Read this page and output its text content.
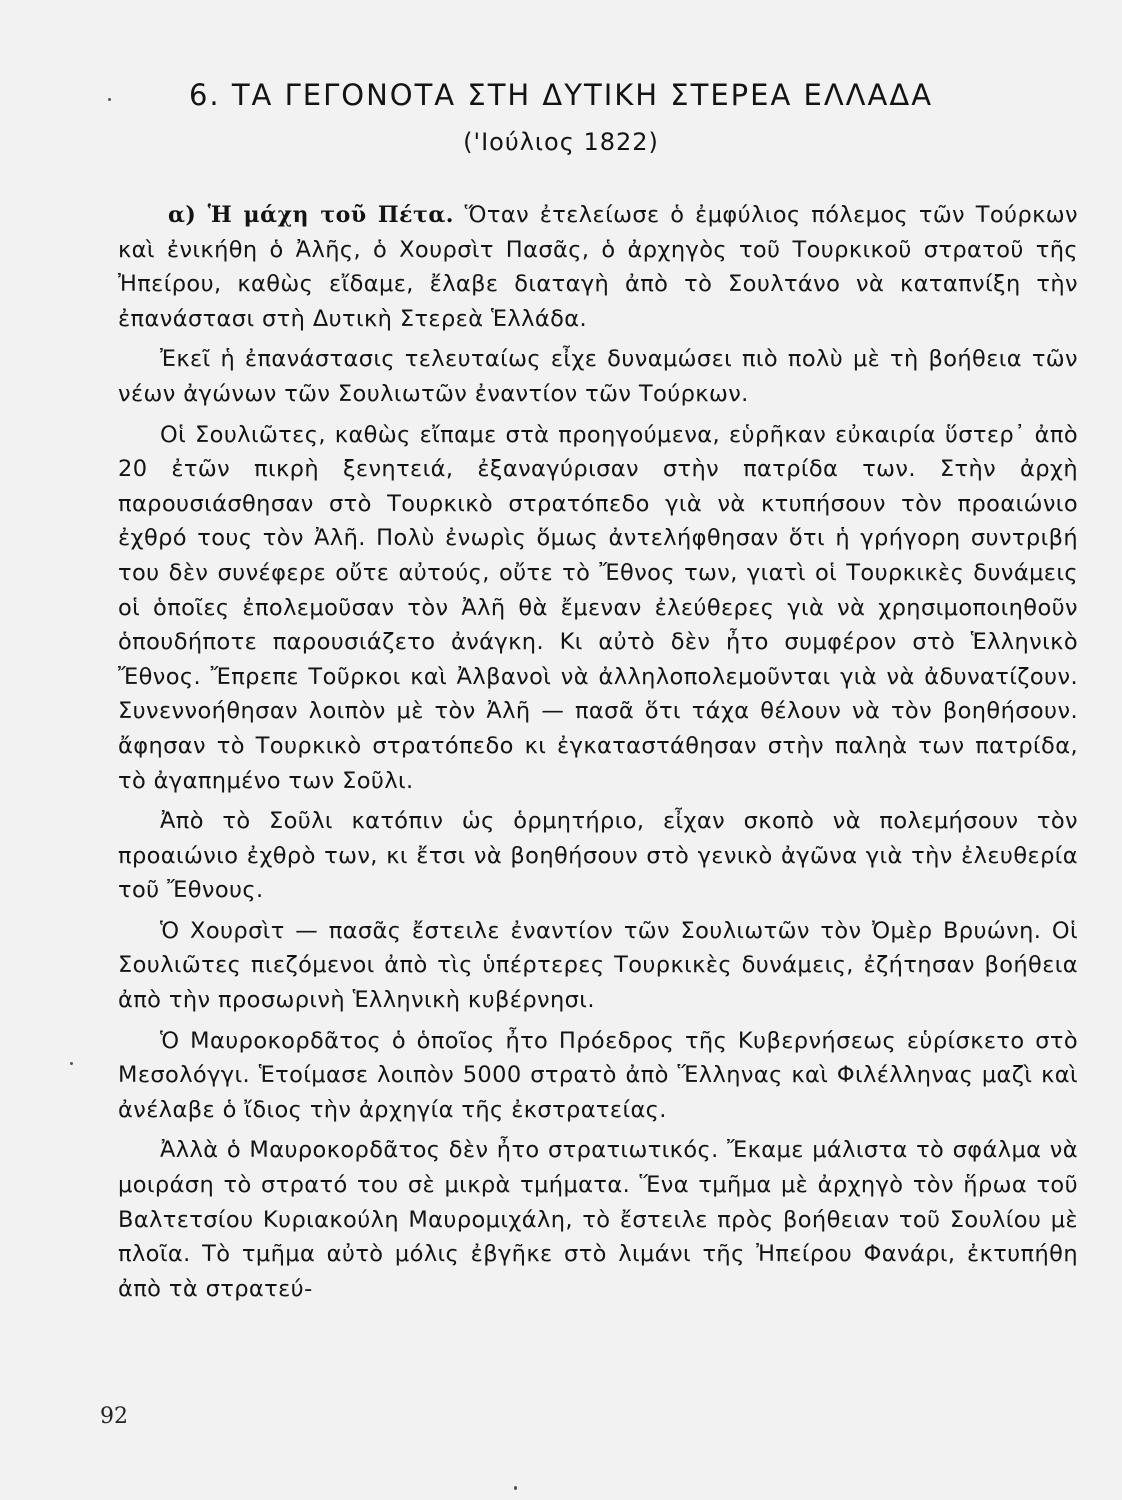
6. ΤΑ ΓΕΓΟΝΟΤΑ ΣΤΗ ΔΥΤΙΚΗ ΣΤΕΡΕΑ ΕΛΛΑΔΑ
('Ιούλιος 1822)

α) Ἡ μάχη τοῦ Πέτα. Ὅταν ἐτελείωσε ὁ ἐμφύλιος πόλεμος τῶν Τούρκων καὶ ἐνικήθη ὁ Ἀλῆς, ὁ Χουρσὶτ Πασᾶς, ὁ ἀρχηγὸς τοῦ Τουρκικοῦ στρατοῦ τῆς Ἠπείρου, καθὼς εἴδαμε, ἔλαβε διαταγὴ ἀπὸ τὸ Σουλτάνο νὰ καταπνίξη τὴν ἐπανάστασι στὴ Δυτικὴ Στερεὰ Ἑλλάδα.

Ἐκεῖ ἡ ἐπανάστασις τελευταίως εἶχε δυναμώσει πιὸ πολὺ μὲ τὴ βοήθεια τῶν νέων ἀγώνων τῶν Σουλιωτῶν ἐναντίον τῶν Τούρκων.

Οἱ Σουλιῶτες, καθὼς εἴπαμε στὰ προηγούμενα, εὑρῆκαν εὐκαιρία ὕστερ᾽ ἀπὸ 20 ἐτῶν πικρὴ ξενητειά, ἐξαναγύρισαν στὴν πατρίδα των. Στὴν ἀρχὴ παρουσιάσθησαν στὸ Τουρκικὸ στρατόπεδο γιὰ νὰ κτυπήσουν τὸν προαιώνιο ἐχθρό τους τὸν Ἀλῆ. Πολὺ ἐνωρὶς ὅμως ἀντελήφθησαν ὅτι ἡ γρήγορη συντριβή του δὲν συνέφερε οὔτε αὐτούς, οὔτε τὸ Ἔθνος των, γιατὶ οἱ Τουρκικὲς δυνάμεις οἱ ὁποῖες ἐπολεμοῦσαν τὸν Ἀλῆ θὰ ἔμεναν ἐλεύθερες γιὰ νὰ χρησιμοποιηθοῦν ὁπουδήποτε παρουσιάζετο ἀνάγκη. Κι αὐτὸ δὲν ἦτο συμφέρον στὸ Ἑλληνικὸ Ἔθνος. Ἔπρεπε Τοῦρκοι καὶ Ἀλβανοὶ νὰ ἀλληλοπολεμοῦνται γιὰ νὰ ἀδυνατίζουν. Συνεννοήθησαν λοιπὸν μὲ τὸν Ἀλῆ — πασᾶ ὅτι τάχα θέλουν νὰ τὸν βοηθήσουν. ἄφησαν τὸ Τουρκικὸ στρατόπεδο κι ἐγκαταστάθησαν στὴν παληὰ των πατρίδα, τὸ ἀγαπημένο των Σοῦλι.

Ἀπὸ τὸ Σοῦλι κατόπιν ὡς ὁρμητήριο, εἶχαν σκοπὸ νὰ πολεμήσουν τὸν προαιώνιο ἐχθρὸ των, κι ἔτσι νὰ βοηθήσουν στὸ γενικὸ ἀγῶνα γιὰ τὴν ἐλευθερία τοῦ Ἔθνους.

Ὁ Χουρσὶτ — πασᾶς ἔστειλε ἐναντίον τῶν Σουλιωτῶν τὸν Ὀμὲρ Βρυώνη. Οἱ Σουλιῶτες πιεζόμενοι ἀπὸ τὶς ὑπέρτερες Τουρκικὲς δυνάμεις, ἐζήτησαν βοήθεια ἀπὸ τὴν προσωρινὴ Ἑλληνικὴ κυβέρνησι.

Ὁ Μαυροκορδᾶτος ὁ ὁποῖος ἦτο Πρόεδρος τῆς Κυβερνήσεως εὑρίσκετο στὸ Μεσολόγγι. Ἑτοίμασε λοιπὸν 5000 στρατὸ ἀπὸ Ἕλληνας καὶ Φιλέλληνας μαζὶ καὶ ἀνέλαβε ὁ ἴδιος τὴν ἀρχηγία τῆς ἐκστρατείας.

Ἀλλὰ ὁ Μαυροκορδᾶτος δὲν ἦτο στρατιωτικός. Ἔκαμε μάλιστα τὸ σφάλμα νὰ μοιράση τὸ στρατό του σὲ μικρὰ τμήματα. Ἕνα τμῆμα μὲ ἀρχηγὸ τὸν ἥρωα τοῦ Βαλτετσίου Κυριακούλη Μαυρομιχάλη, τὸ ἔστειλε πρὸς βοήθειαν τοῦ Σουλίου μὲ πλοῖα. Τὸ τμῆμα αὐτὸ μόλις ἐβγῆκε στὸ λιμάνι τῆς Ἠπείρου Φανάρι, ἐκτυπήθη ἀπὸ τὰ στρατεύ-

92
